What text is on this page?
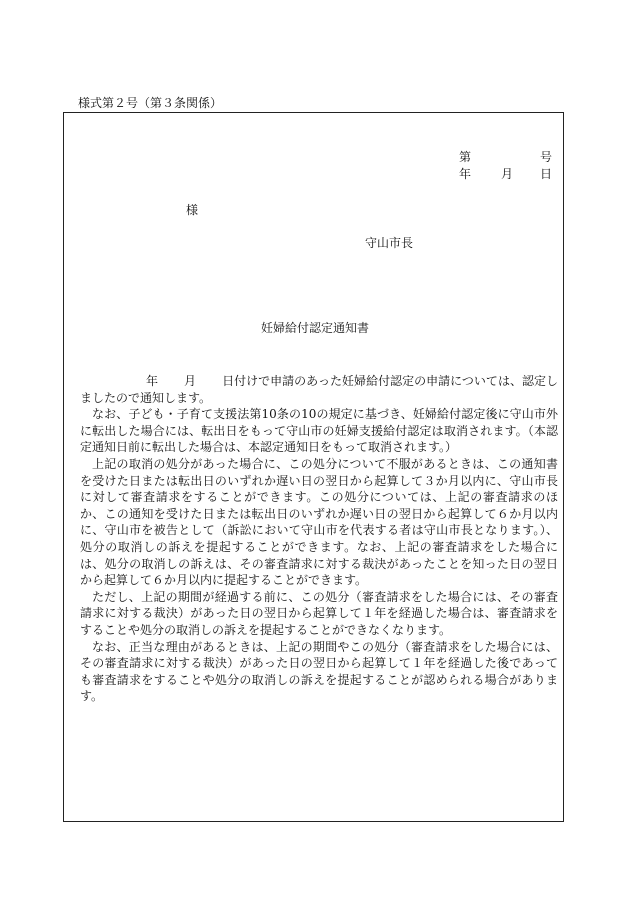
様式第２号（第３条関係）
第	号
年 月 日
様
守山市長
妊婦給付認定通知書

年 月 日付けで申請のあった妊婦給付認定の申請については、認定しましたので通知します。

なお、子ども・子育て支援法第10条の10の規定に基づき、妊婦給付認定後に守山市外に転出した場合には、転出日をもって守山市の妊婦支援給付認定は取消されます。（本認定通知日前に転出した場合は、本認定通知日をもって取消されます。）

上記の取消の処分があった場合に、この処分について不服があるときは、この通知書を受けた日または転出日のいずれか遅い日の翌日から起算して３か月以内に、守山市長に対して審査請求をすることができます。この処分については、上記の審査請求のほか、この通知を受けた日または転出日のいずれか遅い日の翌日から起算して６か月以内に、守山市を被告として（訴訟において守山市を代表する者は守山市長となります。）、処分の取消しの訴えを提起することができます。なお、上記の審査請求をした場合には、処分の取消しの訴えは、その審査請求に対する裁決があったことを知った日の翌日から起算して６か月以内に提起することができます。

ただし、上記の期間が経過する前に、この処分（審査請求をした場合には、その審査請求に対する裁決）があった日の翌日から起算して１年を経過した場合は、審査請求をすることや処分の取消しの訴えを提起することができなくなります。

なお、正当な理由があるときは、上記の期間やこの処分（審査請求をした場合には、その審査請求に対する裁決）があった日の翌日から起算して１年を経過した後であっても審査請求をすることや処分の取消しの訴えを提起することが認められる場合があります。
